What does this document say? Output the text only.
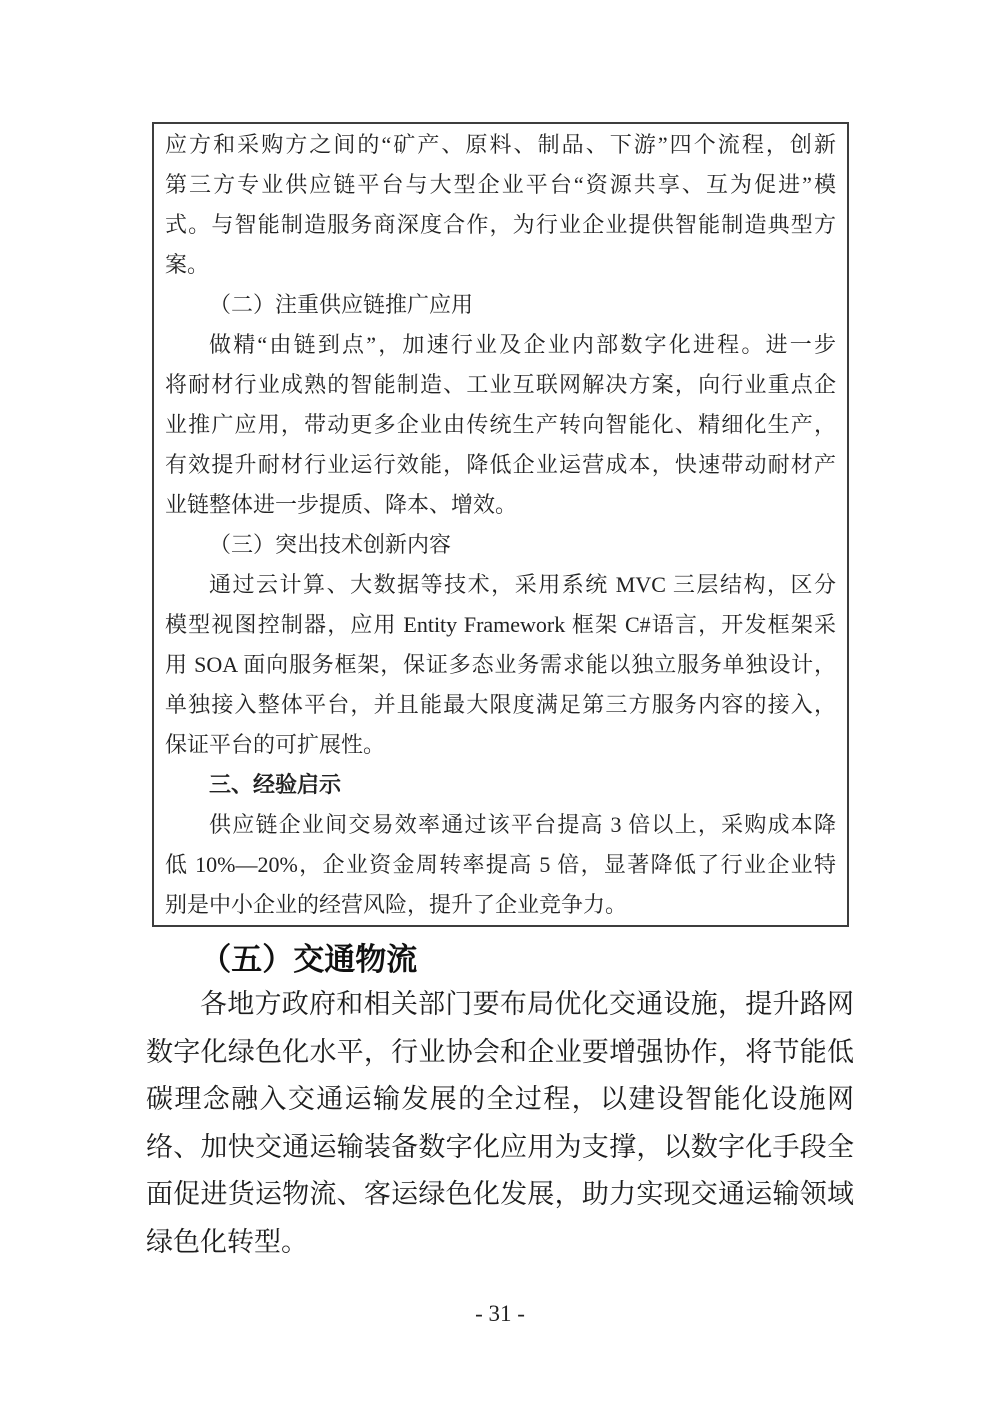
应方和采购方之间的“矿产、原料、制品、下游”四个流程，创新
第三方专业供应链平台与大型企业平台“资源共享、互为促进”模
式。与智能制造服务商深度合作，为行业企业提供智能制造典型方
案。
（二）注重供应链推广应用
做精“由链到点”，加速行业及企业内部数字化进程。进一步
将耐材行业成熟的智能制造、工业互联网解决方案，向行业重点企
业推广应用，带动更多企业由传统生产转向智能化、精细化生产，
有效提升耐材行业运行效能，降低企业运营成本，快速带动耐材产
业链整体进一步提质、降本、增效。
（三）突出技术创新内容
通过云计算、大数据等技术，采用系统 MVC 三层结构，区分
模型视图控制器，应用 Entity Framework 框架 C#语言，开发框架采
用 SOA 面向服务框架，保证多态业务需求能以独立服务单独设计，
单独接入整体平台，并且能最大限度满足第三方服务内容的接入，
保证平台的可扩展性。
三、经验启示
供应链企业间交易效率通过该平台提高 3 倍以上，采购成本降
低 10%—20%，企业资金周转率提高 5 倍，显著降低了行业企业特
别是中小企业的经营风险，提升了企业竞争力。
（五）交通物流
各地方政府和相关部门要布局优化交通设施，提升路网
数字化绿色化水平，行业协会和企业要增强协作，将节能低
碳理念融入交通运输发展的全过程，以建设智能化设施网
络、加快交通运输装备数字化应用为支撑，以数字化手段全
面促进货运物流、客运绿色化发展，助力实现交通运输领域
绿色化转型。
- 31 -
